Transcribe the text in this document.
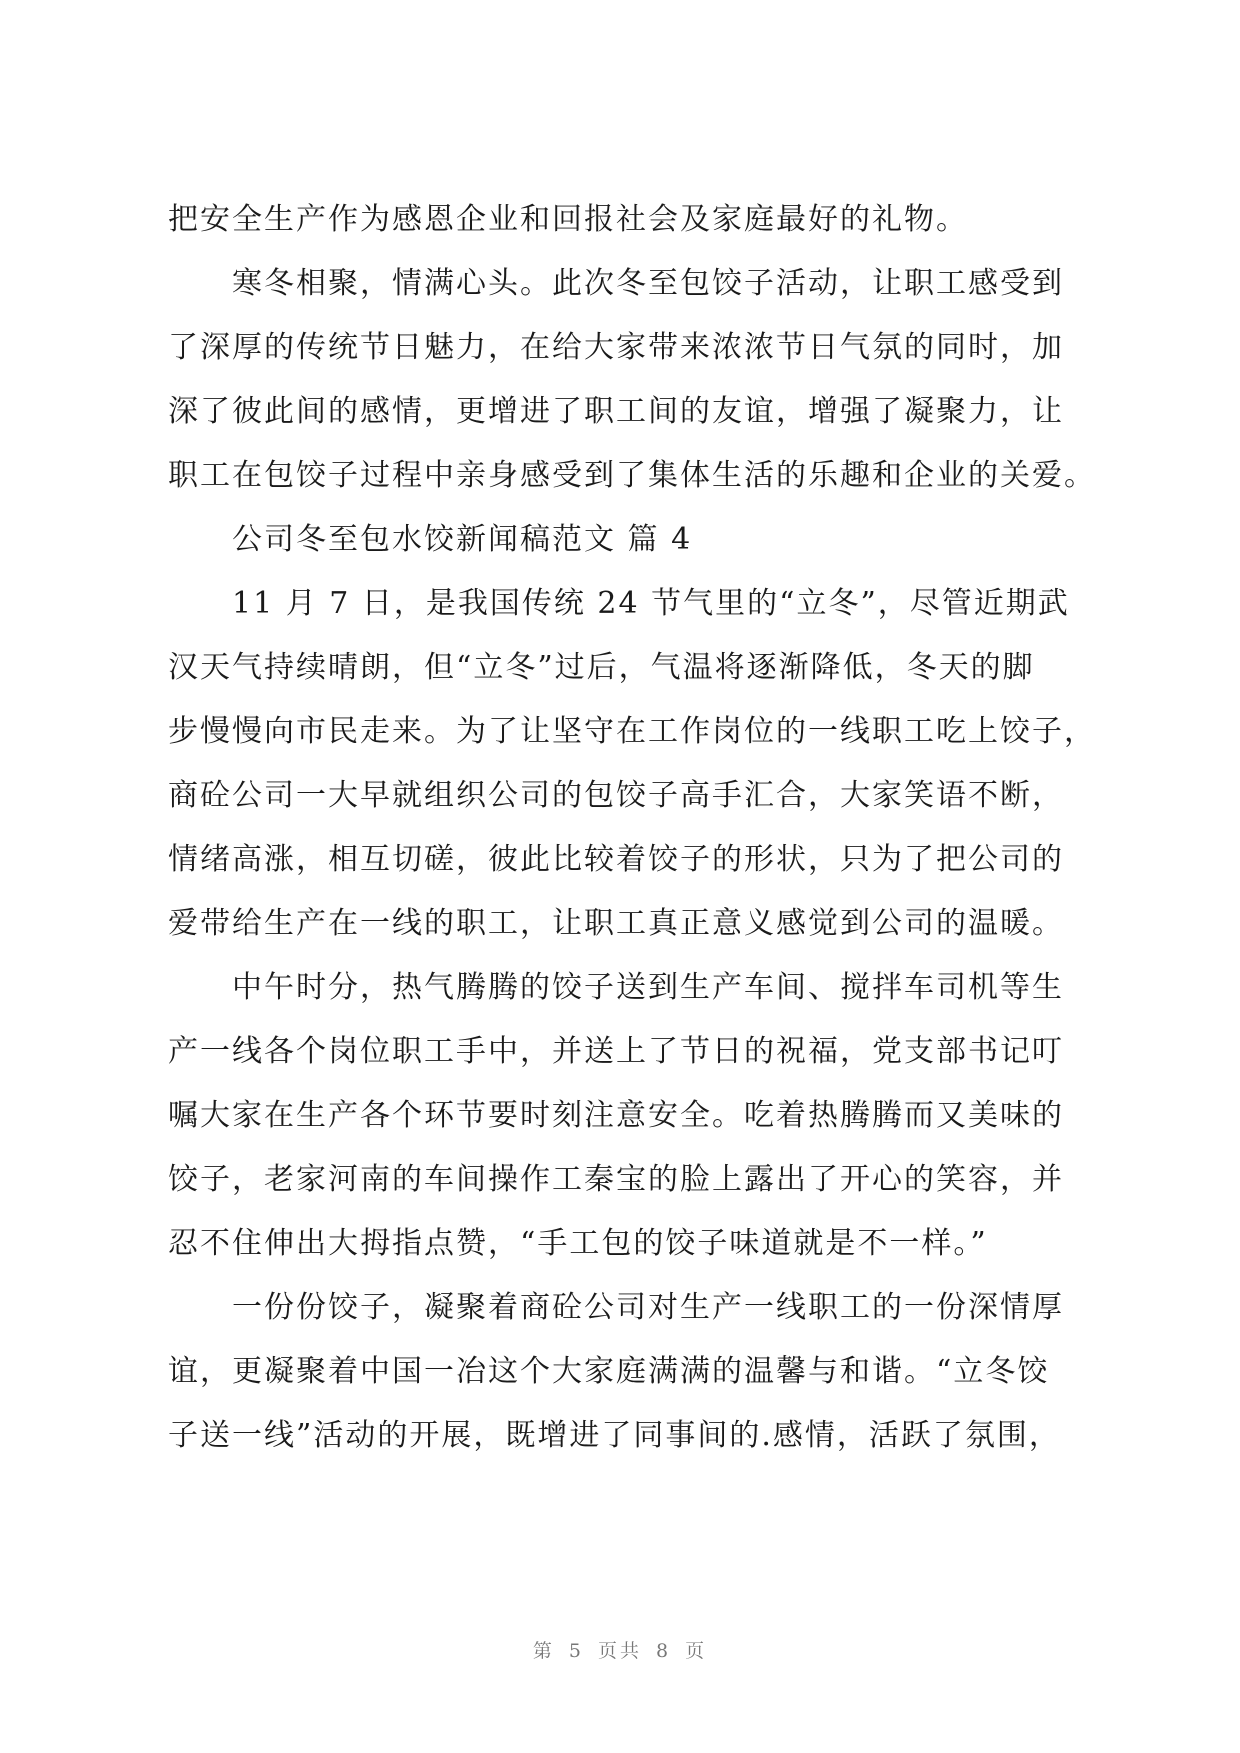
把安全生产作为感恩企业和回报社会及家庭最好的礼物。
寒冬相聚，情满心头。此次冬至包饺子活动，让职工感受到
了深厚的传统节日魅力，在给大家带来浓浓节日气氛的同时，加
深了彼此间的感情，更增进了职工间的友谊，增强了凝聚力，让
职工在包饺子过程中亲身感受到了集体生活的乐趣和企业的关爱。
公司冬至包水饺新闻稿范文 篇 4
11 月 7 日，是我国传统 24 节气里的“立冬”，尽管近期武
汉天气持续晴朗，但“立冬”过后，气温将逐渐降低，冬天的脚
步慢慢向市民走来。为了让坚守在工作岗位的一线职工吃上饺子，
商砼公司一大早就组织公司的包饺子高手汇合，大家笑语不断，
情绪高涨，相互切磋，彼此比较着饺子的形状，只为了把公司的
爱带给生产在一线的职工，让职工真正意义感觉到公司的温暖。
中午时分，热气腾腾的饺子送到生产车间、搅拌车司机等生
产一线各个岗位职工手中，并送上了节日的祝福，党支部书记叮
嘱大家在生产各个环节要时刻注意安全。吃着热腾腾而又美味的
饺子，老家河南的车间操作工秦宝的脸上露出了开心的笑容，并
忍不住伸出大拇指点赞，“手工包的饺子味道就是不一样。”
一份份饺子，凝聚着商砼公司对生产一线职工的一份深情厚
谊，更凝聚着中国一冶这个大家庭满满的温馨与和谐。“立冬饺
子送一线”活动的开展，既增进了同事间的.感情，活跃了氛围，
第 5 页共 8 页
